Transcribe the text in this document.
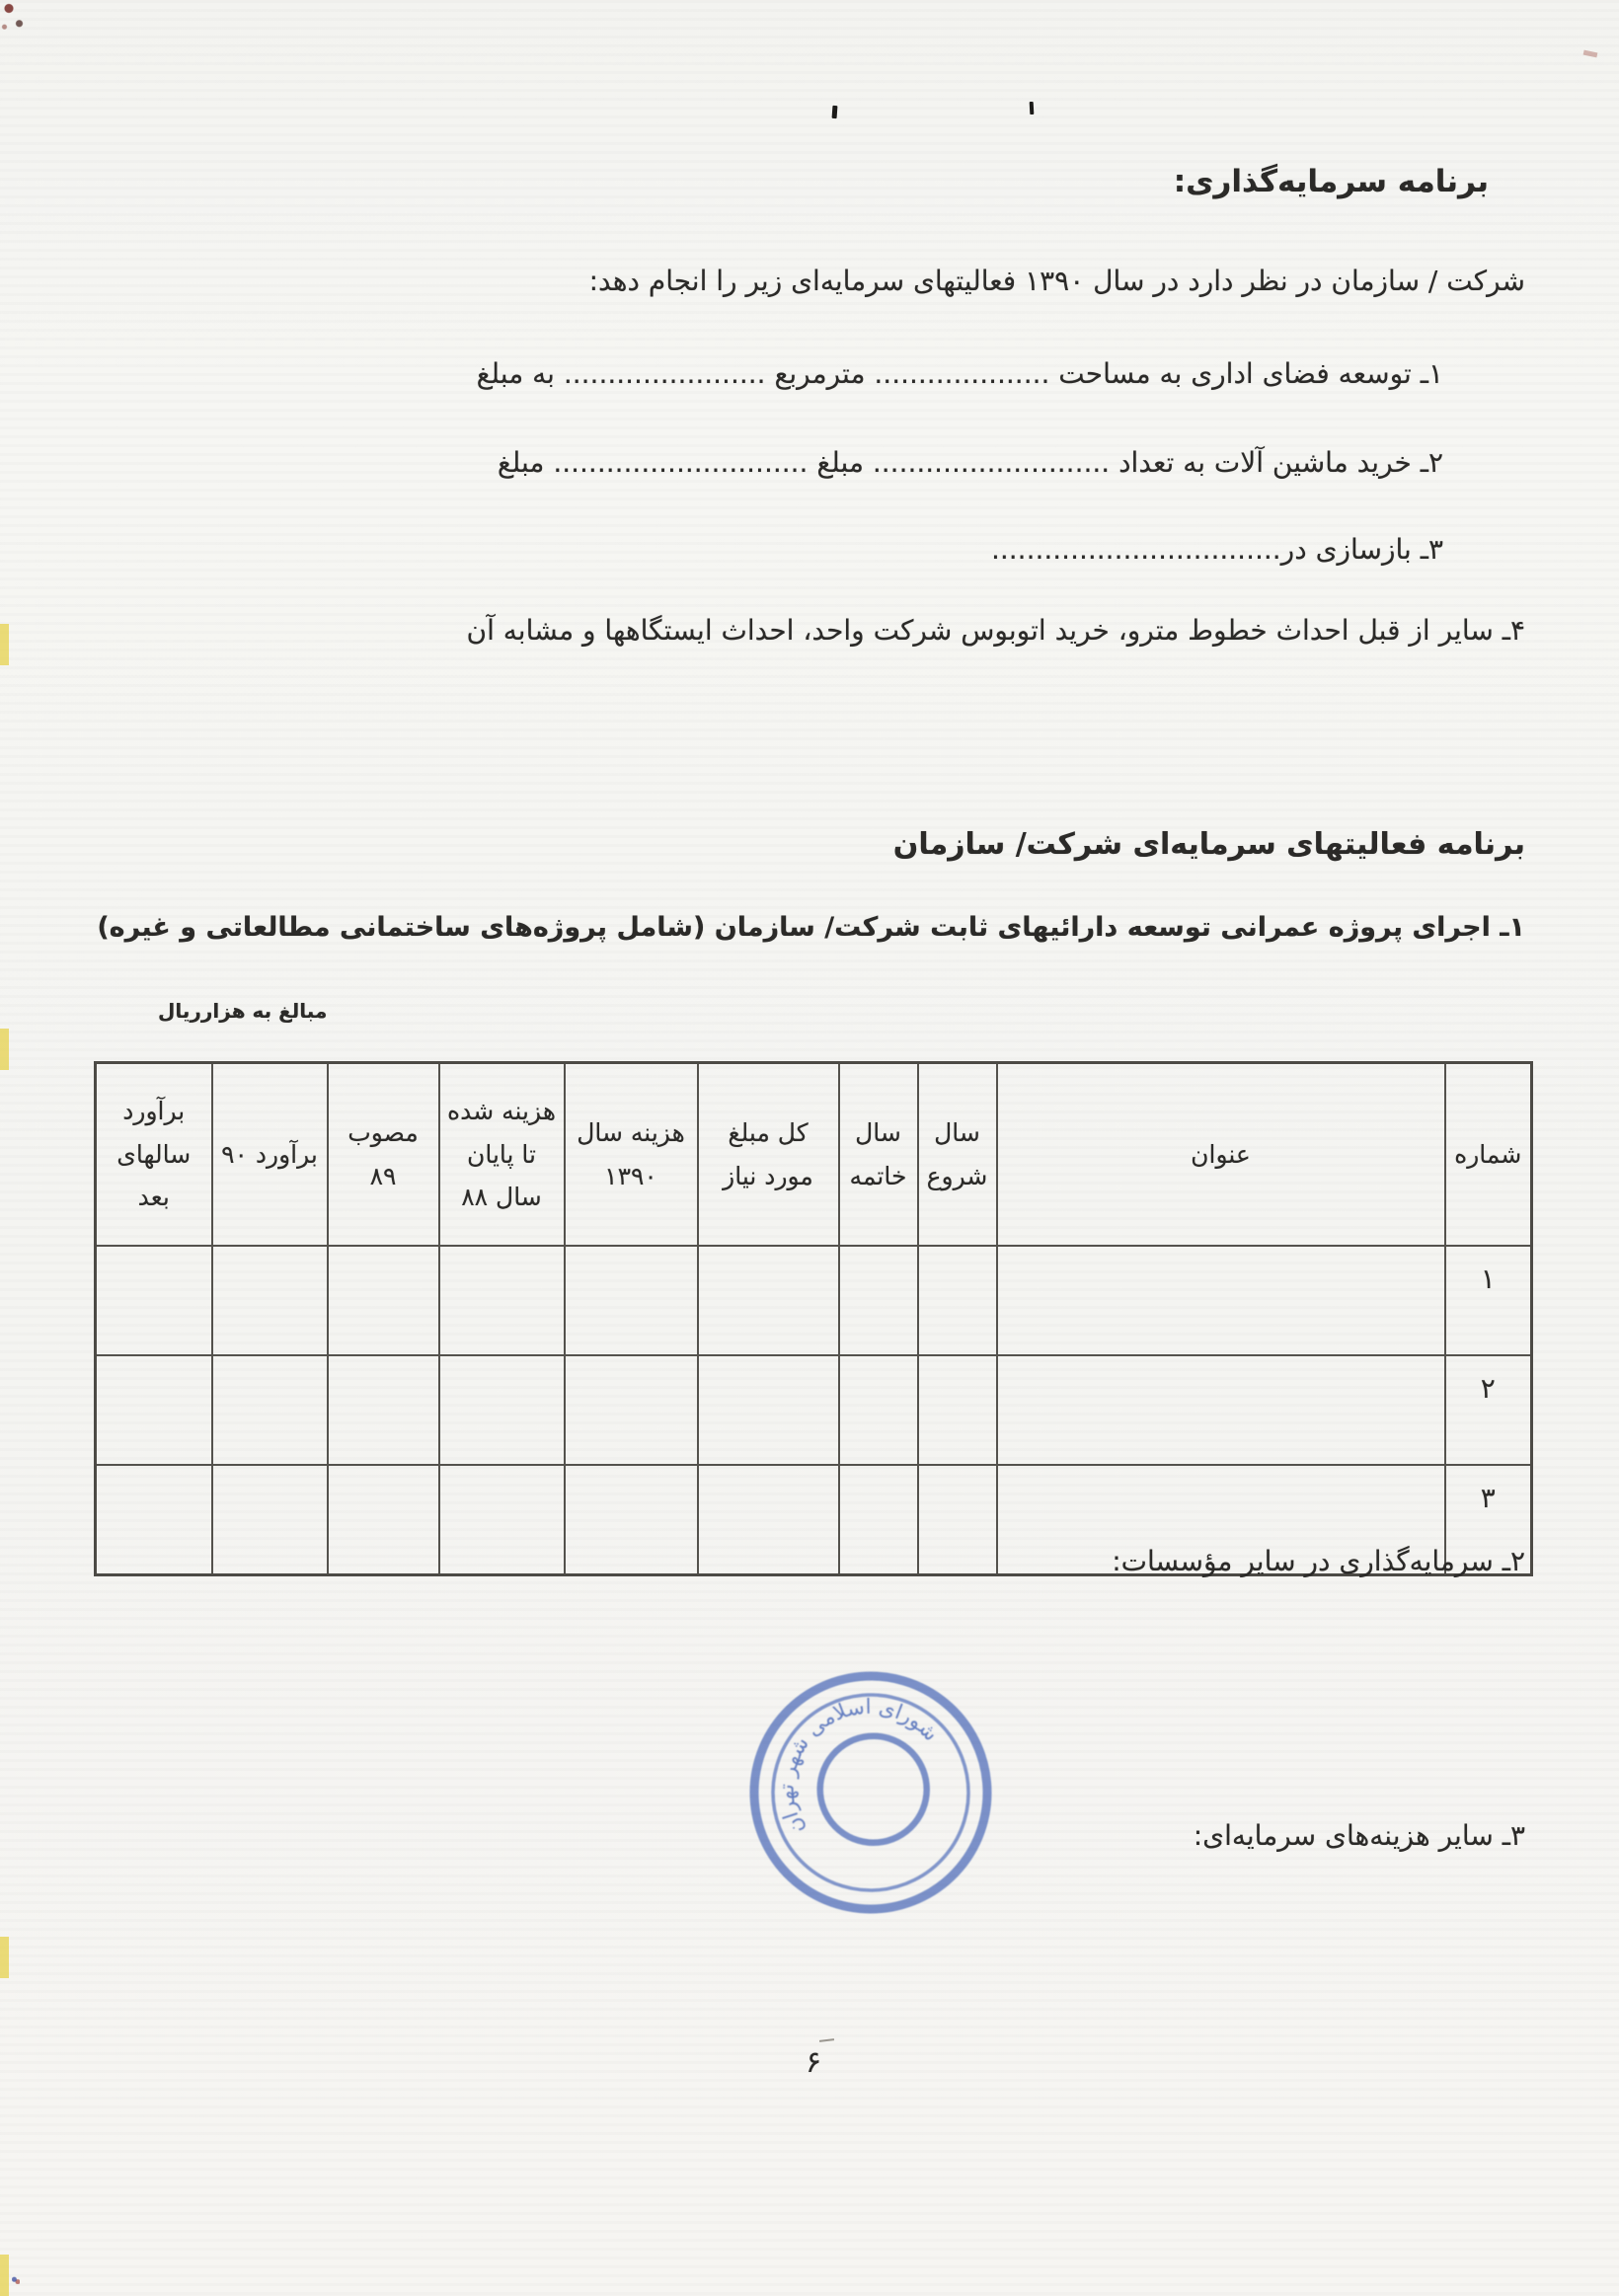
برنامه سرمایه‌گذاری:
شرکت / سازمان در نظر دارد در سال ۱۳۹۰ فعالیتهای سرمایه‌ای زیر را انجام دهد:
۱ـ توسعه فضای اداری به مساحت .................... مترمربع ....................... به مبلغ
۲ـ خرید ماشین آلات به تعداد ........................... مبلغ ............................. مبلغ
۳ـ بازسازی در.................................
۴ـ سایر از قبل احداث خطوط مترو، خرید اتوبوس شرکت واحد، احداث ایستگاهها و مشابه آن
برنامه فعالیتهای سرمایه‌ای شرکت/ سازمان
۱ـ اجرای پروژه عمرانی توسعه دارائیهای ثابت شرکت/ سازمان (شامل پروژه‌های ساختمانی مطالعاتی و غیره)
مبالغ به هزارریال
شماره	عنوان	سال شروع	سال خاتمه	کل مبلغ مورد نیاز	هزینه سال ۱۳۹۰	هزینه شده تا پایان سال ۸۸	مصوب ۸۹	برآورد ۹۰	برآورد سالهای بعد
۱									
۲									
۳									
۲ـ سرمایه‌گذاری در سایر مؤسسات:
شورای اسلامی شهر تهران
۳ـ سایر هزینه‌های سرمایه‌ای:
۶
